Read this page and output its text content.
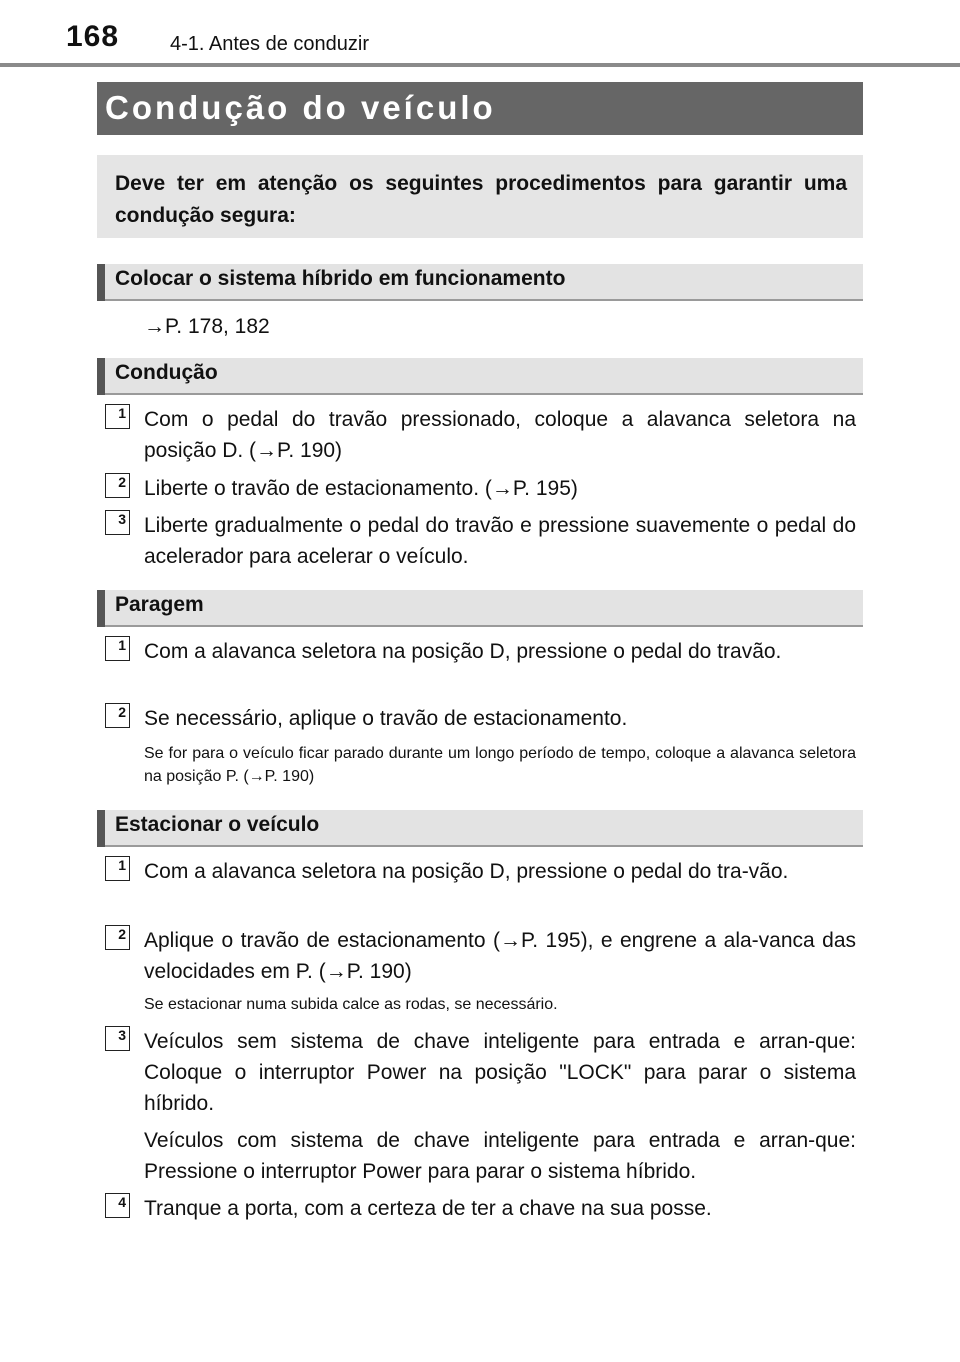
168	4-1. Antes de conduzir
Condução do veículo

Deve ter em atenção os seguintes procedimentos para garantir uma condução segura:

Colocar o sistema híbrido em funcionamento
→P. 178, 182
Condução
1 Com o pedal do travão pressionado, coloque a alavanca seletora na posição D. (→P. 190)

2 Liberte o travão de estacionamento. (→P. 195)

3 Liberte gradualmente o pedal do travão e pressione suavemente o pedal do acelerador para acelerar o veículo.

Paragem
1 Com a alavanca seletora na posição D, pressione o pedal do travão.

2 Se necessário, aplique o travão de estacionamento.

Se for para o veículo ficar parado durante um longo período de tempo, coloque a alavanca seletora na posição P. (→P. 190)

Estacionar o veículo
1 Com a alavanca seletora na posição D, pressione o pedal do tra-vão.

2 Aplique o travão de estacionamento (→P. 195), e engrene a ala-vanca das velocidades em P. (→P. 190)

Se estacionar numa subida calce as rodas, se necessário.

3 Veículos sem sistema de chave inteligente para entrada e arran-que: Coloque o interruptor Power na posição "LOCK" para parar o sistema híbrido.

Veículos com sistema de chave inteligente para entrada e arran-que: Pressione o interruptor Power para parar o sistema híbrido.

4 Tranque a porta, com a certeza de ter a chave na sua posse.
